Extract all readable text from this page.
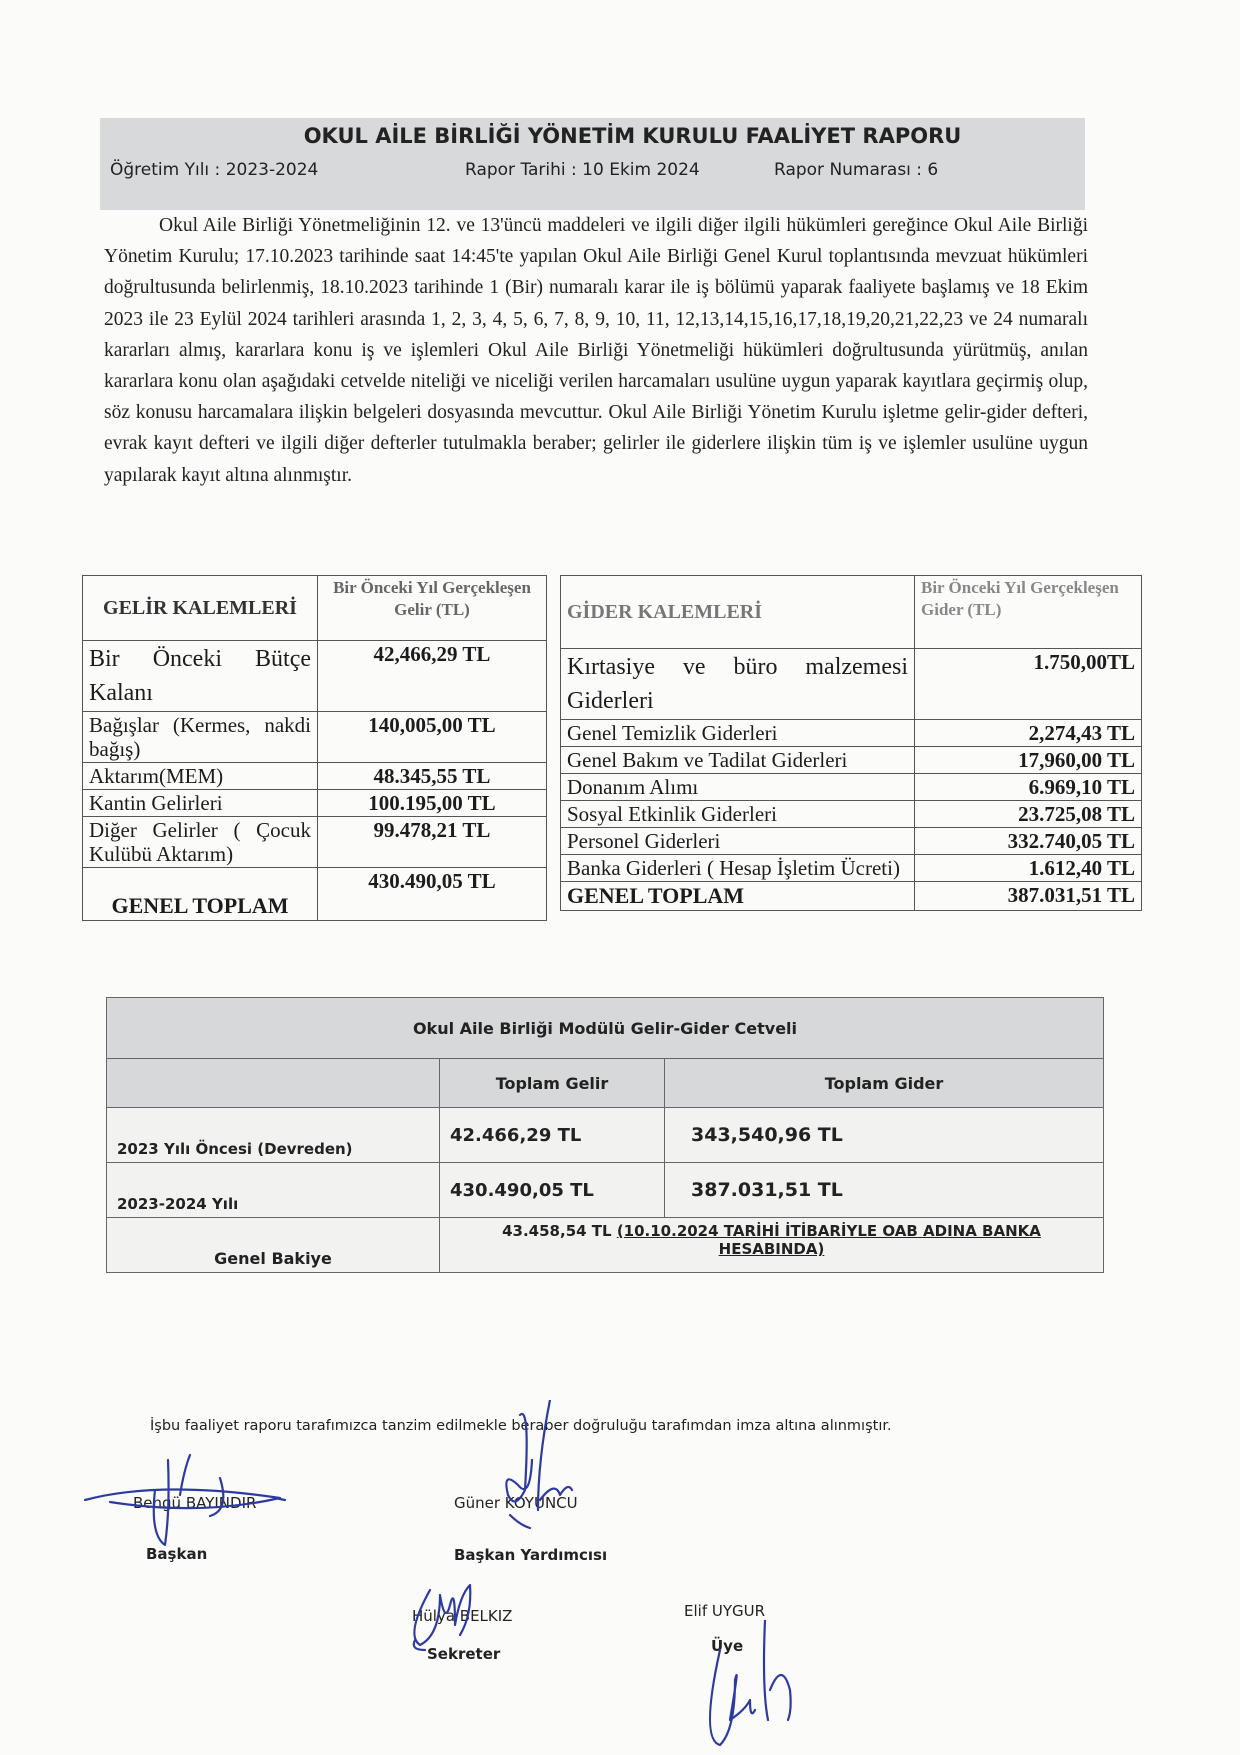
OKUL AİLE BİRLİĞİ YÖNETİM KURULU FAALİYET RAPORU
Öğretim Yılı : 2023-2024	Rapor Tarihi : 10 Ekim 2024	Rapor Numarası : 6
Okul Aile Birliği Yönetmeliğinin 12. ve 13'üncü maddeleri ve ilgili diğer ilgili hükümleri gereğince Okul Aile Birliği Yönetim Kurulu; 17.10.2023 tarihinde saat 14:45'te yapılan Okul Aile Birliği Genel Kurul toplantısında mevzuat hükümleri doğrultusunda belirlenmiş, 18.10.2023 tarihinde 1 (Bir) numaralı karar ile iş bölümü yaparak faaliyete başlamış ve 18 Ekim 2023 ile 23 Eylül 2024 tarihleri arasında 1, 2, 3, 4, 5, 6, 7, 8, 9, 10, 11, 12,13,14,15,16,17,18,19,20,21,22,23 ve 24 numaralı kararları almış, kararlara konu iş ve işlemleri Okul Aile Birliği Yönetmeliği hükümleri doğrultusunda yürütmüş, anılan kararlara konu olan aşağıdaki cetvelde niteliği ve niceliği verilen harcamaları usulüne uygun yaparak kayıtlara geçirmiş olup, söz konusu harcamalara ilişkin belgeleri dosyasında mevcuttur. Okul Aile Birliği Yönetim Kurulu işletme gelir-gider defteri, evrak kayıt defteri ve ilgili diğer defterler tutulmakla beraber; gelirler ile giderlere ilişkin tüm iş ve işlemler usulüne uygun yapılarak kayıt altına alınmıştır.
GELİR KALEMLERİ	Bir Önceki Yıl Gerçekleşen Gelir (TL)
Bir Önceki Bütçe Kalanı	42,466,29 TL
Bağışlar (Kermes, nakdi bağış)	140,005,00 TL
Aktarım(MEM)	48.345,55 TL
Kantin Gelirleri	100.195,00 TL
Diğer Gelirler ( Çocuk Kulübü Aktarım)	99.478,21 TL
GENEL TOPLAM	430.490,05 TL
GİDER KALEMLERİ	Bir Önceki Yıl Gerçekleşen Gider (TL)
Kırtasiye ve büro malzemesi Giderleri	1.750,00TL
Genel Temizlik Giderleri	2,274,43 TL
Genel Bakım ve Tadilat Giderleri	17,960,00 TL
Donanım Alımı	6.969,10 TL
Sosyal Etkinlik Giderleri	23.725,08 TL
Personel Giderleri	332.740,05 TL
Banka Giderleri ( Hesap İşletim Ücreti)	1.612,40 TL
GENEL TOPLAM	387.031,51 TL
Okul Aile Birliği Modülü Gelir-Gider Cetveli		
	Toplam Gelir	Toplam Gider
2023 Yılı Öncesi (Devreden)	42.466,29 TL	343,540,96 TL
2023-2024 Yılı	430.490,05 TL	387.031,51 TL
Genel Bakiye	43.458,54 TL (10.10.2024 TARİHİ İTİBARİYLE OAB ADINA BANKA HESABINDA)	
İşbu faaliyet raporu tarafımızca tanzim edilmekle beraber doğruluğu tarafımdan imza altına alınmıştır.
Bengü BAYINDIR
Başkan
Güner KOYUNCU
Başkan Yardımcısı
Hülya BELKIZ
Sekreter
Elif UYGUR
Üye
